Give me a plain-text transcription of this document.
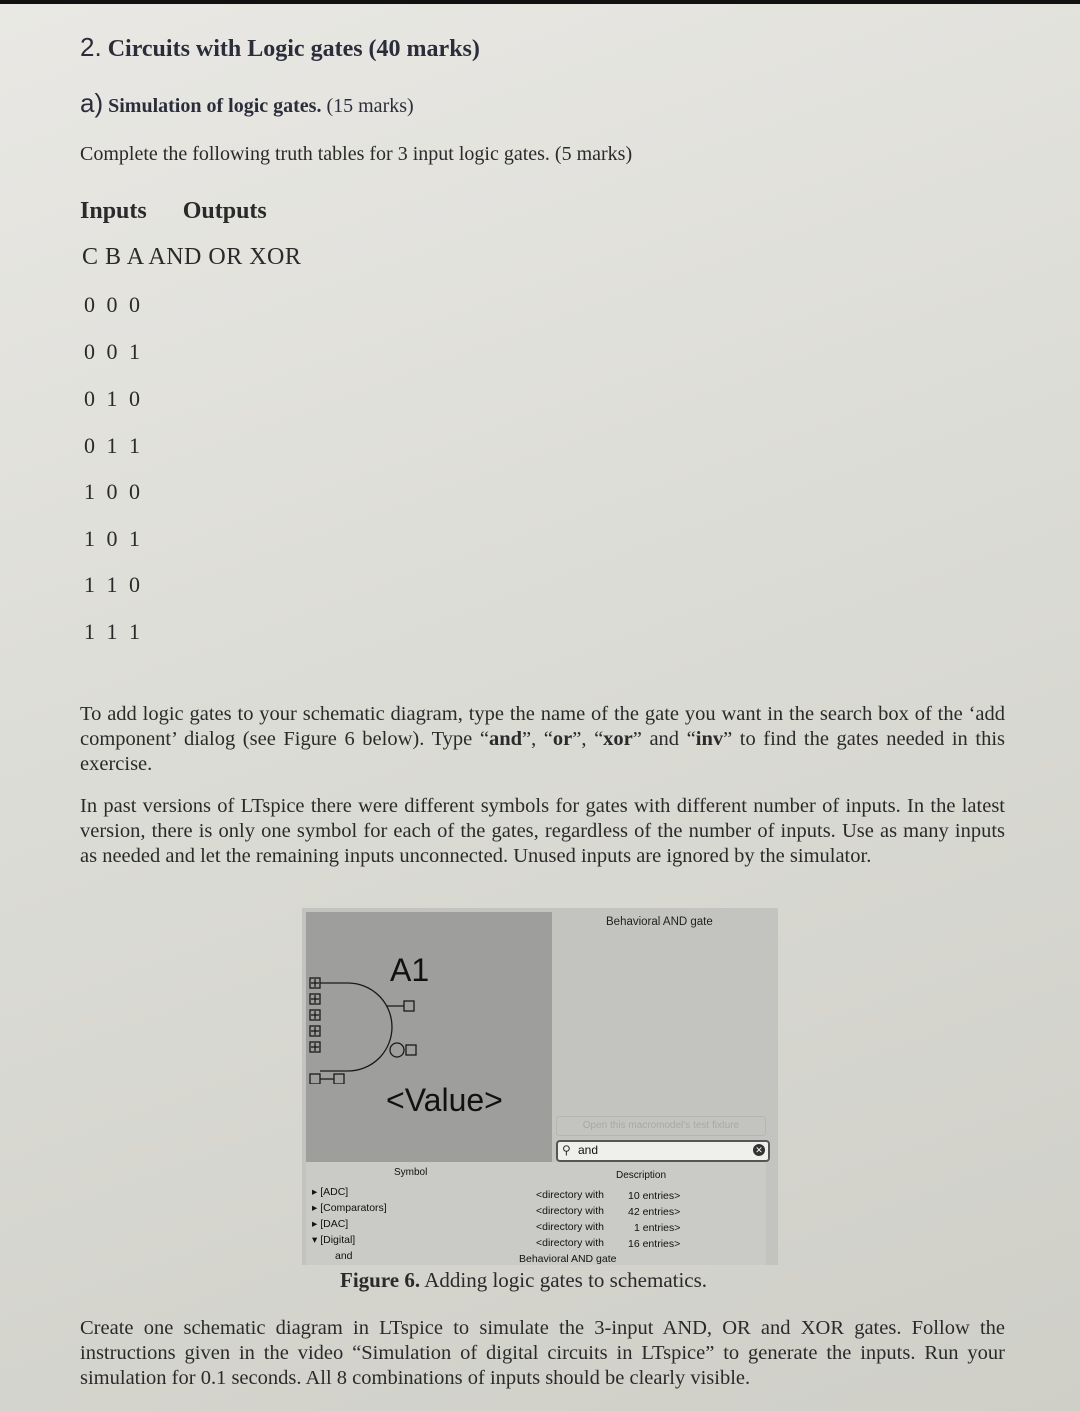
2. Circuits with Logic gates (40 marks)
a) Simulation of logic gates. (15 marks)
Complete the following truth tables for 3 input logic gates. (5 marks)
Inputs Outputs
C B A AND OR XOR
0 0 0
0 0 1
0 1 0
0 1 1
1 0 0
1 0 1
1 1 0
1 1 1
To add logic gates to your schematic diagram, type the name of the gate you want in the search box of the ‘add component’ dialog (see Figure 6 below). Type “and”, “or”, “xor” and “inv” to find the gates needed in this exercise.
In past versions of LTspice there were different symbols for gates with different number of inputs. In the latest version, there is only one symbol for each of the gates, regardless of the number of inputs. Use as many inputs as needed and let the remaining inputs unconnected. Unused inputs are ignored by the simulator.
A1
<Value>
Behavioral AND gate
Open this macromodel's test fixture
⚲ and	✕
Symbol	Description
▸ [ADC]	<directory with 10 entries>
▸ [Comparators]	<directory with 42 entries>
▸ [DAC]	<directory with	1 entries>
▾ [Digital]	<directory with 16 entries>
and	Behavioral AND gate
Figure 6. Adding logic gates to schematics.
Create one schematic diagram in LTspice to simulate the 3-input AND, OR and XOR gates. Follow the instructions given in the video “Simulation of digital circuits in LTspice” to generate the inputs. Run your simulation for 0.1 seconds. All 8 combinations of inputs should be clearly visible.
